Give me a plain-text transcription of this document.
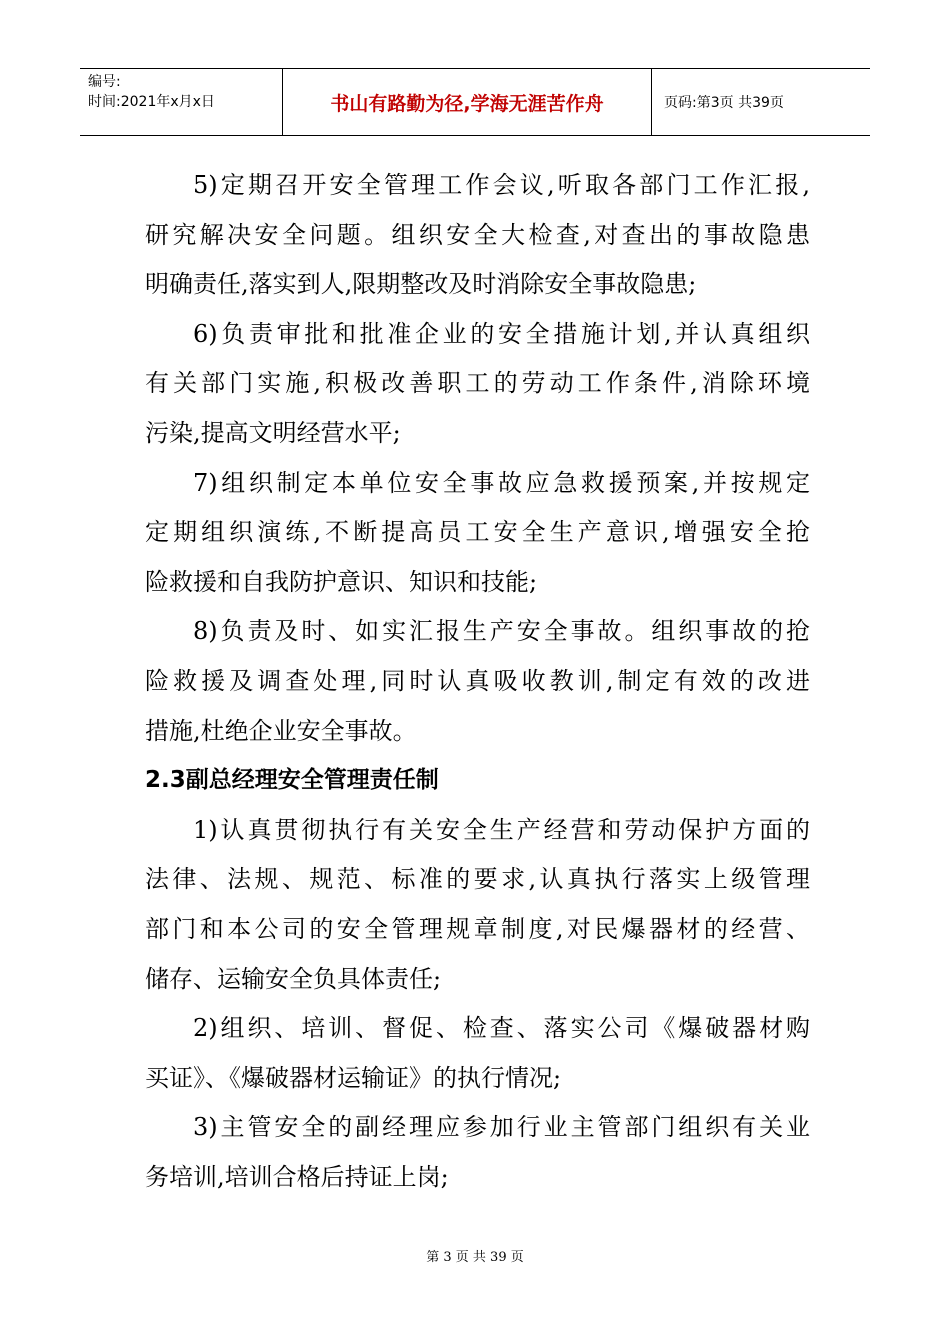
编号:
时间:2021年x月x日	书山有路勤为径,学海无涯苦作舟	页码:第3页 共39页
5)定期召开安全管理工作会议,听取各部门工作汇报,
研究解决安全问题。组织安全大检查,对查出的事故隐患
明确责任,落实到人,限期整改及时消除安全事故隐患;
6)负责审批和批准企业的安全措施计划,并认真组织
有关部门实施,积极改善职工的劳动工作条件,消除环境
污染,提高文明经营水平;
7)组织制定本单位安全事故应急救援预案,并按规定
定期组织演练,不断提高员工安全生产意识,增强安全抢
险救援和自我防护意识、知识和技能;
8)负责及时、如实汇报生产安全事故。组织事故的抢
险救援及调查处理,同时认真吸收教训,制定有效的改进
措施,杜绝企业安全事故。
2.3副总经理安全管理责任制
1)认真贯彻执行有关安全生产经营和劳动保护方面的
法律、法规、规范、标准的要求,认真执行落实上级管理
部门和本公司的安全管理规章制度,对民爆器材的经营、
储存、运输安全负具体责任;
2)组织、培训、督促、检查、落实公司《爆破器材购
买证》、《爆破器材运输证》的执行情况;
3)主管安全的副经理应参加行业主管部门组织有关业
务培训,培训合格后持证上岗;
第 3 页 共 39 页
